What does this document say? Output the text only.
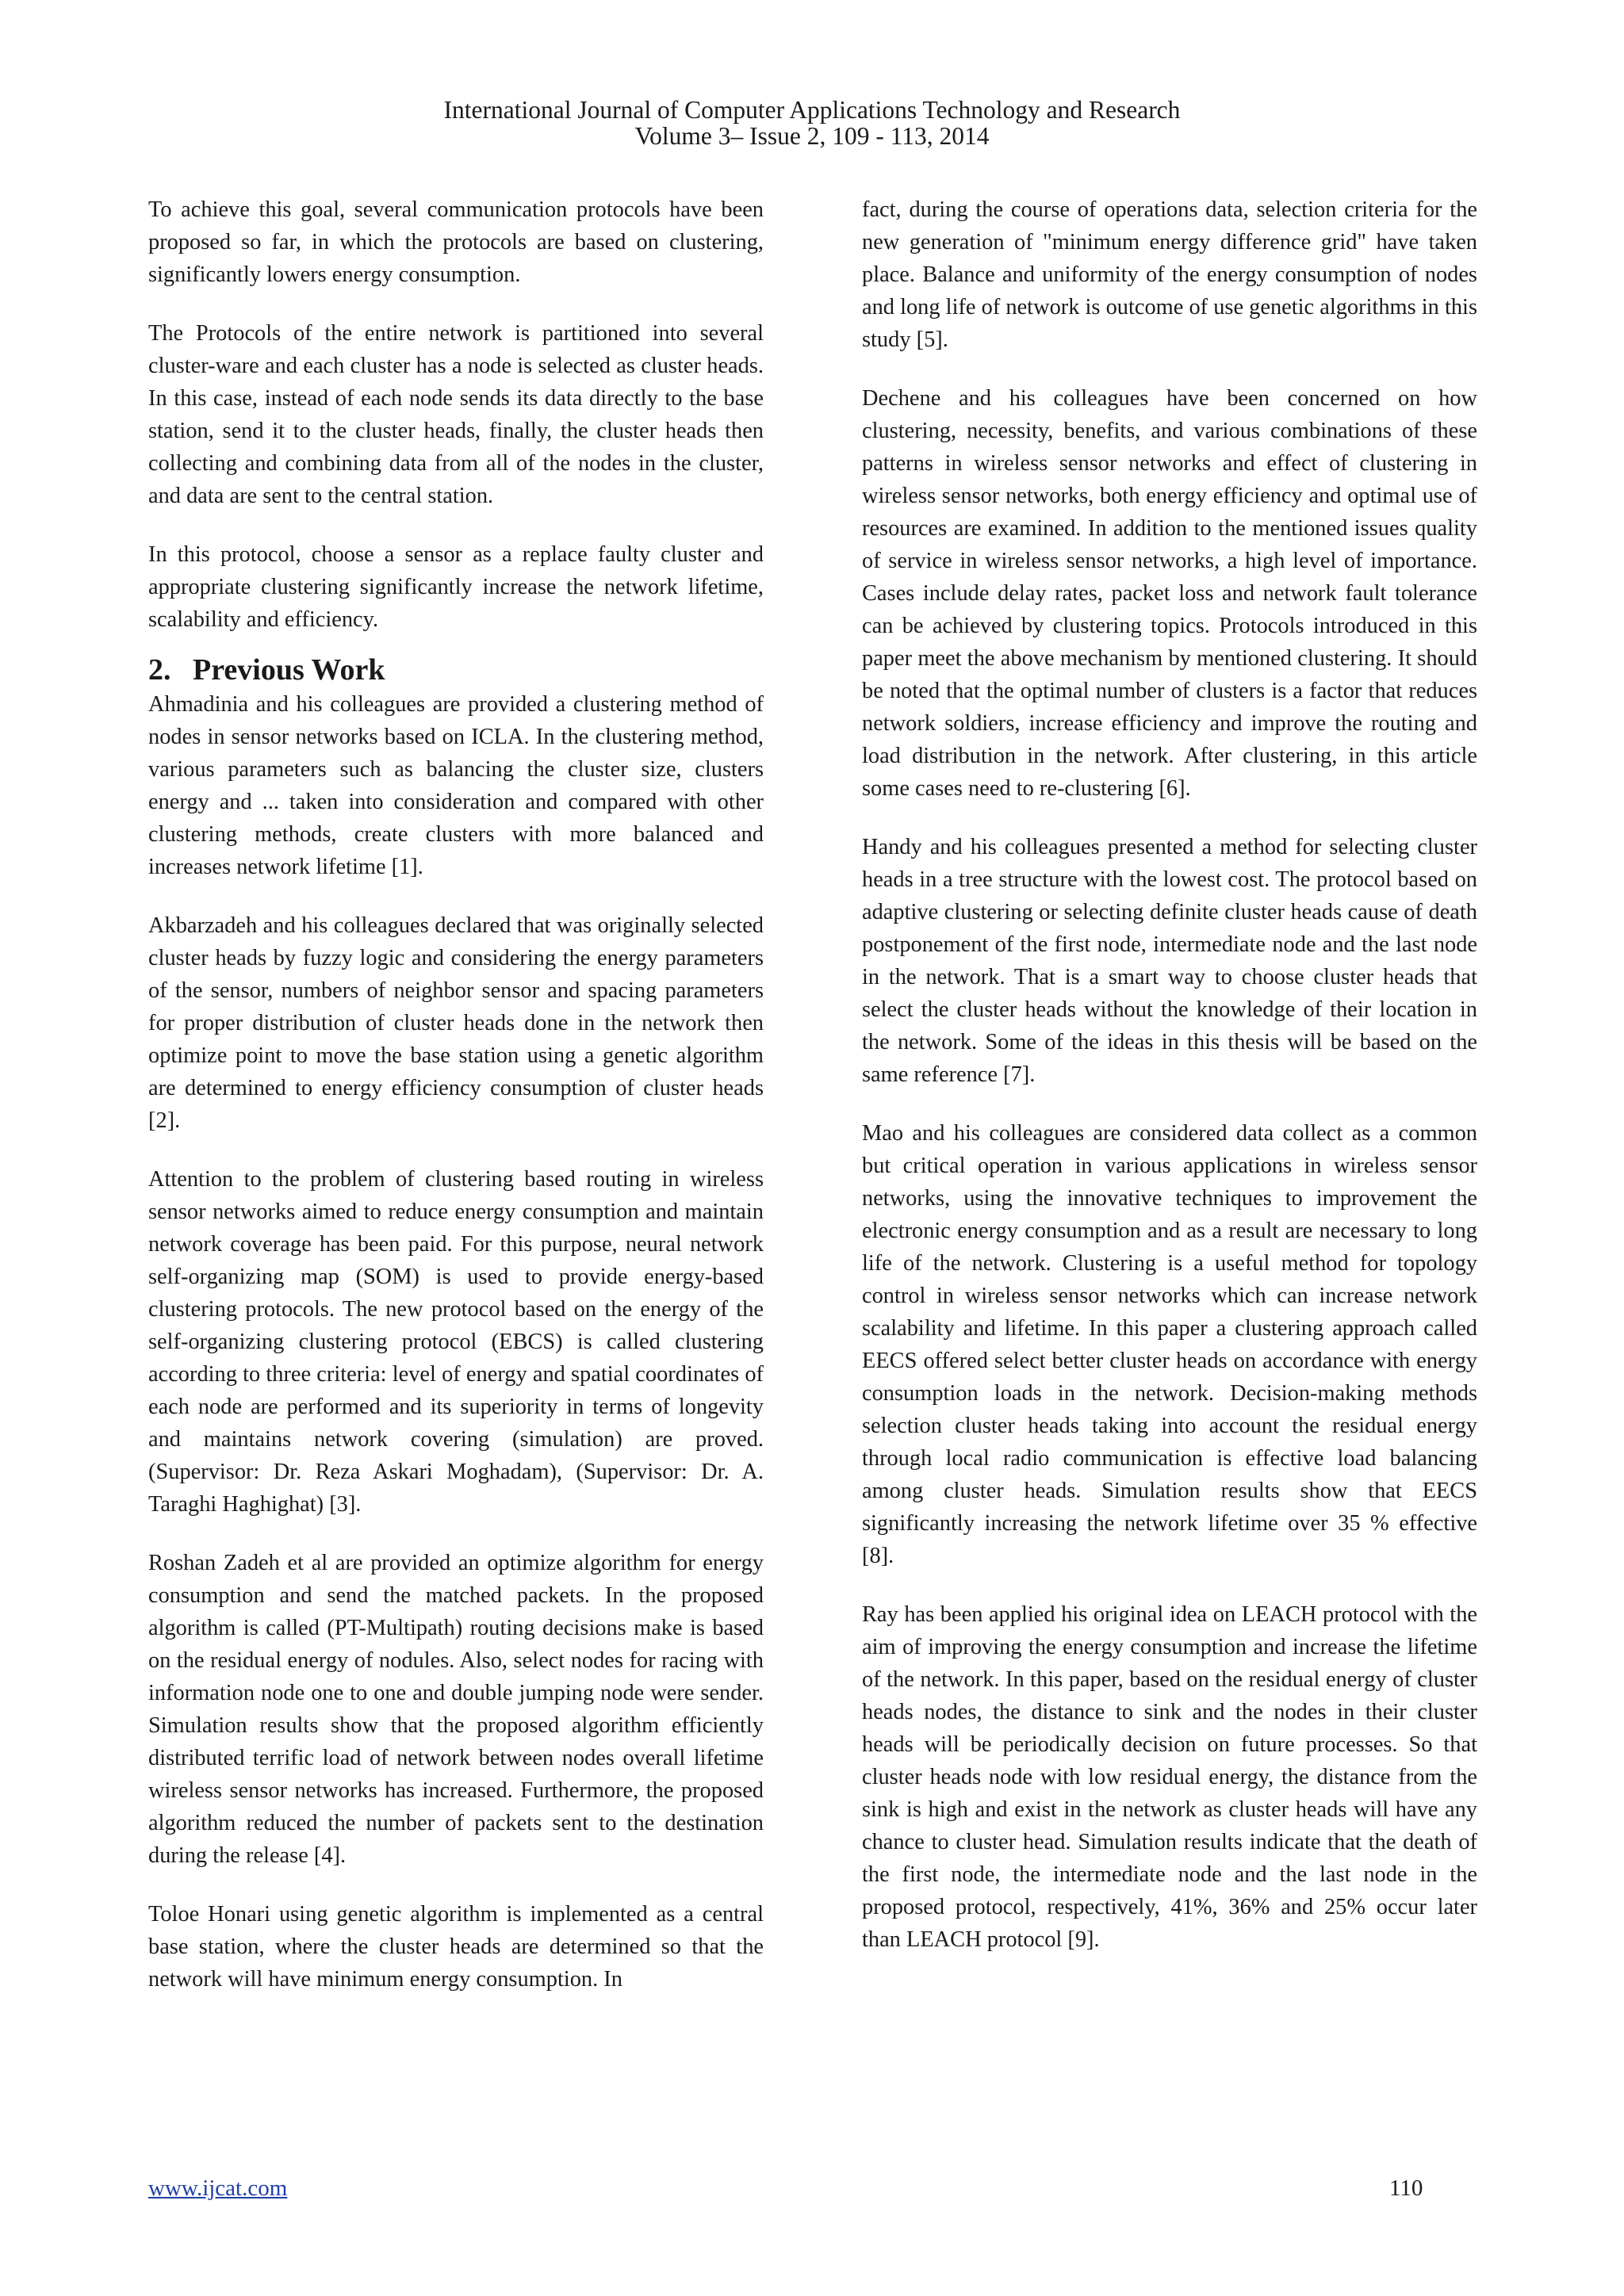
International Journal of Computer Applications Technology and Research
Volume 3– Issue 2, 109 - 113, 2014

To achieve this goal, several communication protocols have been proposed so far, in which the protocols are based on clustering, significantly lowers energy consumption.

The Protocols of the entire network is partitioned into several cluster-ware and each cluster has a node is selected as cluster heads. In this case, instead of each node sends its data directly to the base station, send it to the cluster heads, finally, the cluster heads then collecting and combining data from all of the nodes in the cluster, and data are sent to the central station.

In this protocol, choose a sensor as a replace faulty cluster and appropriate clustering significantly increase the network lifetime, scalability and efficiency.

2. Previous Work

Ahmadinia and his colleagues are provided a clustering method of nodes in sensor networks based on ICLA. In the clustering method, various parameters such as balancing the cluster size, clusters energy and ... taken into consideration and compared with other clustering methods, create clusters with more balanced and increases network lifetime [1].

Akbarzadeh and his colleagues declared that was originally selected cluster heads by fuzzy logic and considering the energy parameters of the sensor, numbers of neighbor sensor and spacing parameters for proper distribution of cluster heads done in the network then optimize point to move the base station using a genetic algorithm are determined to energy efficiency consumption of cluster heads [2].

Attention to the problem of clustering based routing in wireless sensor networks aimed to reduce energy consumption and maintain network coverage has been paid. For this purpose, neural network self-organizing map (SOM) is used to provide energy-based clustering protocols. The new protocol based on the energy of the self-organizing clustering protocol (EBCS) is called clustering according to three criteria: level of energy and spatial coordinates of each node are performed and its superiority in terms of longevity and maintains network covering (simulation) are proved. (Supervisor: Dr. Reza Askari Moghadam), (Supervisor: Dr. A. Taraghi Haghighat) [3].

Roshan Zadeh et al are provided an optimize algorithm for energy consumption and send the matched packets. In the proposed algorithm is called (PT-Multipath) routing decisions make is based on the residual energy of nodules. Also, select nodes for racing with information node one to one and double jumping node were sender. Simulation results show that the proposed algorithm efficiently distributed terrific load of network between nodes overall lifetime wireless sensor networks has increased. Furthermore, the proposed algorithm reduced the number of packets sent to the destination during the release [4].

Toloe Honari using genetic algorithm is implemented as a central base station, where the cluster heads are determined so that the network will have minimum energy consumption. In

fact, during the course of operations data, selection criteria for the new generation of "minimum energy difference grid" have taken place. Balance and uniformity of the energy consumption of nodes and long life of network is outcome of use genetic algorithms in this study [5].

Dechene and his colleagues have been concerned on how clustering, necessity, benefits, and various combinations of these patterns in wireless sensor networks and effect of clustering in wireless sensor networks, both energy efficiency and optimal use of resources are examined. In addition to the mentioned issues quality of service in wireless sensor networks, a high level of importance. Cases include delay rates, packet loss and network fault tolerance can be achieved by clustering topics. Protocols introduced in this paper meet the above mechanism by mentioned clustering. It should be noted that the optimal number of clusters is a factor that reduces network soldiers, increase efficiency and improve the routing and load distribution in the network. After clustering, in this article some cases need to re-clustering [6].

Handy and his colleagues presented a method for selecting cluster heads in a tree structure with the lowest cost. The protocol based on adaptive clustering or selecting definite cluster heads cause of death postponement of the first node, intermediate node and the last node in the network. That is a smart way to choose cluster heads that select the cluster heads without the knowledge of their location in the network. Some of the ideas in this thesis will be based on the same reference [7].

Mao and his colleagues are considered data collect as a common but critical operation in various applications in wireless sensor networks, using the innovative techniques to improvement the electronic energy consumption and as a result are necessary to long life of the network. Clustering is a useful method for topology control in wireless sensor networks which can increase network scalability and lifetime. In this paper a clustering approach called EECS offered select better cluster heads on accordance with energy consumption loads in the network. Decision-making methods selection cluster heads taking into account the residual energy through local radio communication is effective load balancing among cluster heads. Simulation results show that EECS significantly increasing the network lifetime over 35 % effective [8].

Ray has been applied his original idea on LEACH protocol with the aim of improving the energy consumption and increase the lifetime of the network. In this paper, based on the residual energy of cluster heads nodes, the distance to sink and the nodes in their cluster heads will be periodically decision on future processes. So that cluster heads node with low residual energy, the distance from the sink is high and exist in the network as cluster heads will have any chance to cluster head. Simulation results indicate that the death of the first node, the intermediate node and the last node in the proposed protocol, respectively, 41%, 36% and 25% occur later than LEACH protocol [9].

www.ijcat.com	110
